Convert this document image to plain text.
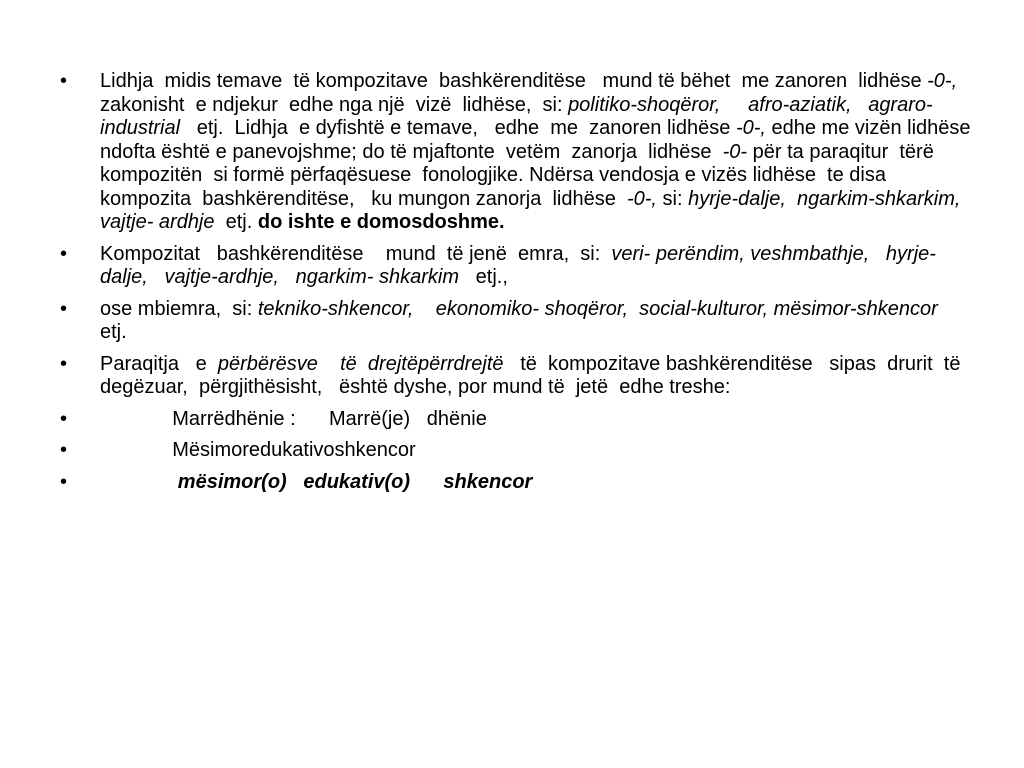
• Lidhja  midis temave  të kompozitave  bashkërenditëse   mund të bëhet  me zanoren  lidhëse -0-, zakonisht  e ndjekur  edhe nga një  vizë  lidhëse,  si: politiko-shoqëror,     afro-aziatik,   agraro- industrial   etj.  Lidhja  e dyfishtë e temave,   edhe  me  zanoren lidhëse -0-, edhe me vizën lidhëse ndofta është e panevojshme; do të mjaftonte  vetëm  zanorja  lidhëse  -0- për ta paraqitur  tërë  kompozitën  si formë përfaqësuese  fonologjike. Ndërsa vendosja e vizës lidhëse  te disa kompozita  bashkërenditëse,   ku mungon zanorja  lidhëse  -0-, si: hyrje-dalje,  ngarkim-shkarkim,     vajtje- ardhje  etj. do ishte e domosdoshme.
• Kompozitat   bashkërenditëse    mund  të jenë  emra,  si:  veri- perëndim, veshmbathje,   hyrje-dalje,   vajtje-ardhje,   ngarkim- shkarkim   etj.,
• ose mbiemra,  si: tekniko-shkencor,    ekonomiko- shoqëror,  social-kulturor, mësimor-shkencor    etj.
• Paraqitja   e  përbërësve    të  drejtëpërrdrejtë   të  kompozitave bashkërenditëse   sipas  drurit  të degëzuar,  përgjithësisht,   është dyshe, por mund të  jetë  edhe treshe:
•              Marrëdhënie :      Marrë(je)   dhënie
•              Mësimoredukativoshkencor
• mësimor(o)   edukativ(o)      shkencor
